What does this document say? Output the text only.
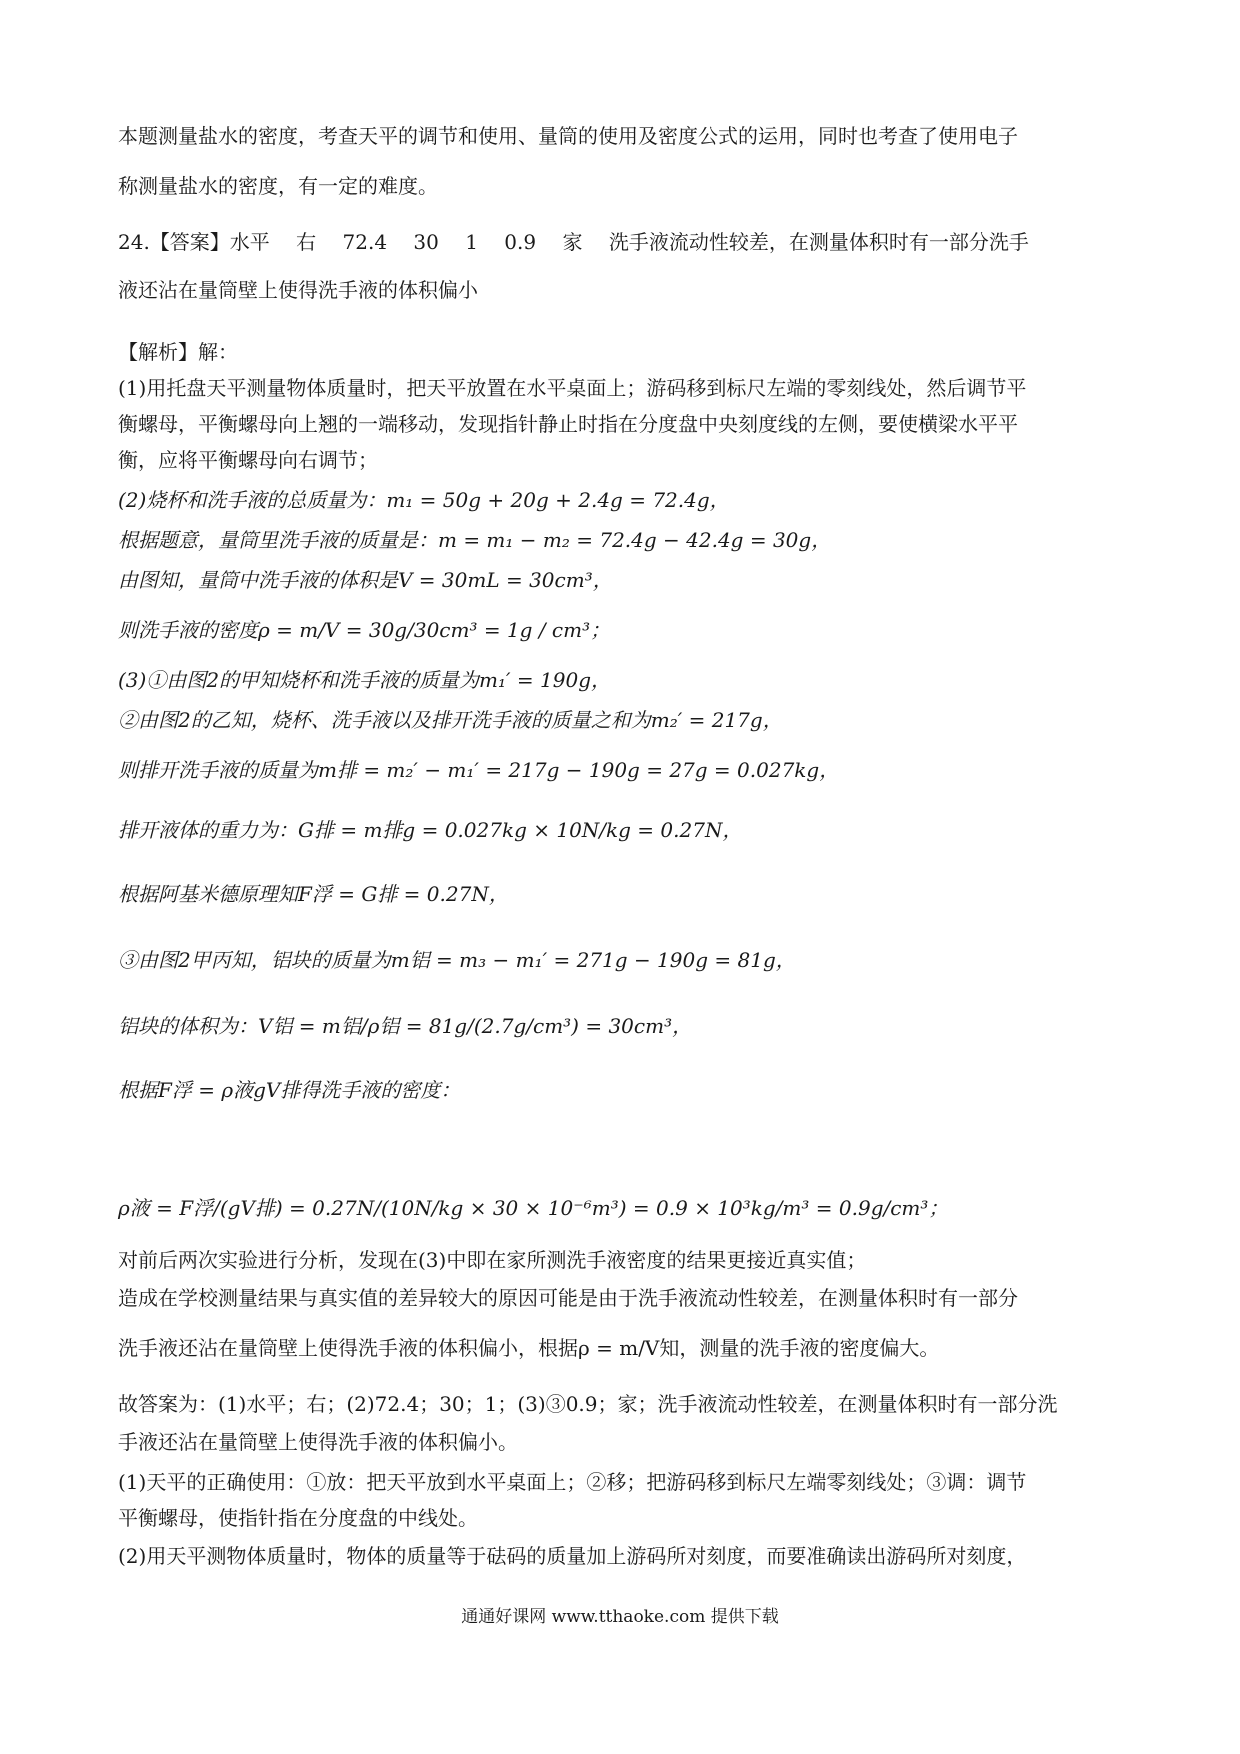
本题测量盐水的密度，考查天平的调节和使用、量筒的使用及密度公式的运用，同时也考查了使用电子
称测量盐水的密度，有一定的难度。
24.【答案】水平　 右　 72.4　 30　 1　 0.9　 家　 洗手液流动性较差，在测量体积时有一部分洗手
液还沾在量筒壁上使得洗手液的体积偏小
【解析】解：
(1)用托盘天平测量物体质量时，把天平放置在水平桌面上；游码移到标尺左端的零刻线处，然后调节平
衡螺母，平衡螺母向上翘的一端移动，发现指针静止时指在分度盘中央刻度线的左侧，要使横梁水平平
衡，应将平衡螺母向右调节；
(2)烧杯和洗手液的总质量为：m₁ = 50g + 20g + 2.4g = 72.4g，
根据题意，量筒里洗手液的质量是：m = m₁ − m₂ = 72.4g − 42.4g = 30g，
由图知，量筒中洗手液的体积是V = 30mL = 30cm³，
则洗手液的密度ρ = m/V = 30g/30cm³ = 1g / cm³；
(3)①由图2的甲知烧杯和洗手液的质量为m₁′ = 190g，
②由图2的乙知，烧杯、洗手液以及排开洗手液的质量之和为m₂′ = 217g，
则排开洗手液的质量为m排 = m₂′ − m₁′ = 217g − 190g = 27g = 0.027kg，
排开液体的重力为：G排 = m排g = 0.027kg × 10N/kg = 0.27N，
根据阿基米德原理知F浮 = G排 = 0.27N，
③由图2甲丙知，铝块的质量为m铝 = m₃ − m₁′ = 271g − 190g = 81g，
铝块的体积为：V铝 = m铝/ρ铝 = 81g/(2.7g/cm³) = 30cm³，
根据F浮 = ρ液gV排得洗手液的密度：
ρ液 = F浮/(gV排) = 0.27N/(10N/kg × 30 × 10⁻⁶m³) = 0.9 × 10³kg/m³ = 0.9g/cm³；
对前后两次实验进行分析，发现在(3)中即在家所测洗手液密度的结果更接近真实值；
造成在学校测量结果与真实值的差异较大的原因可能是由于洗手液流动性较差，在测量体积时有一部分
洗手液还沾在量筒壁上使得洗手液的体积偏小，根据ρ = m/V知，测量的洗手液的密度偏大。
故答案为：(1)水平；右；(2)72.4；30；1；(3)③0.9；家；洗手液流动性较差，在测量体积时有一部分洗
手液还沾在量筒壁上使得洗手液的体积偏小。
(1)天平的正确使用：①放：把天平放到水平桌面上；②移；把游码移到标尺左端零刻线处；③调：调节
平衡螺母，使指针指在分度盘的中线处。
(2)用天平测物体质量时，物体的质量等于砝码的质量加上游码所对刻度，而要准确读出游码所对刻度，
通通好课网 www.tthaoke.com 提供下载
